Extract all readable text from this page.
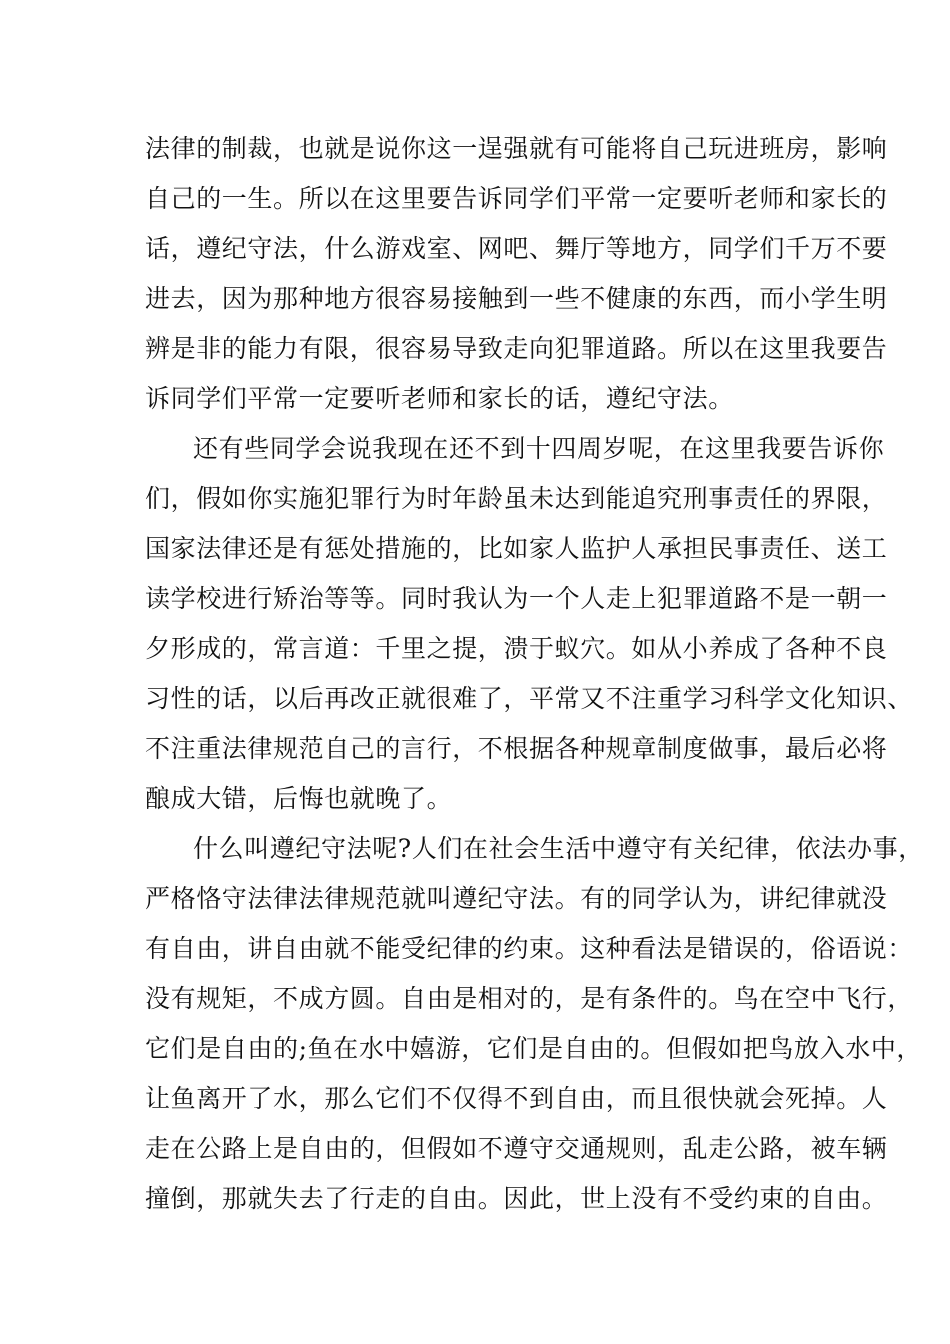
法律的制裁，也就是说你这一逞强就有可能将自己玩进班房，影响
自己的一生。所以在这里要告诉同学们平常一定要听老师和家长的
话，遵纪守法，什么游戏室、网吧、舞厅等地方，同学们千万不要
进去，因为那种地方很容易接触到一些不健康的东西，而小学生明
辨是非的能力有限，很容易导致走向犯罪道路。所以在这里我要告
诉同学们平常一定要听老师和家长的话，遵纪守法。
还有些同学会说我现在还不到十四周岁呢，在这里我要告诉你
们，假如你实施犯罪行为时年龄虽未达到能追究刑事责任的界限，
国家法律还是有惩处措施的，比如家人监护人承担民事责任、送工
读学校进行矫治等等。同时我认为一个人走上犯罪道路不是一朝一
夕形成的，常言道：千里之提，溃于蚁穴。如从小养成了各种不良
习性的话，以后再改正就很难了，平常又不注重学习科学文化知识、
不注重法律规范自己的言行，不根据各种规章制度做事，最后必将
酿成大错，后悔也就晚了。
什么叫遵纪守法呢?人们在社会生活中遵守有关纪律，依法办事，
严格恪守法律法律规范就叫遵纪守法。有的同学认为，讲纪律就没
有自由，讲自由就不能受纪律的约束。这种看法是错误的，俗语说：
没有规矩，不成方圆。自由是相对的，是有条件的。鸟在空中飞行，
它们是自由的;鱼在水中嬉游，它们是自由的。但假如把鸟放入水中，
让鱼离开了水，那么它们不仅得不到自由，而且很快就会死掉。人
走在公路上是自由的，但假如不遵守交通规则，乱走公路，被车辆
撞倒，那就失去了行走的自由。因此，世上没有不受约束的自由。
